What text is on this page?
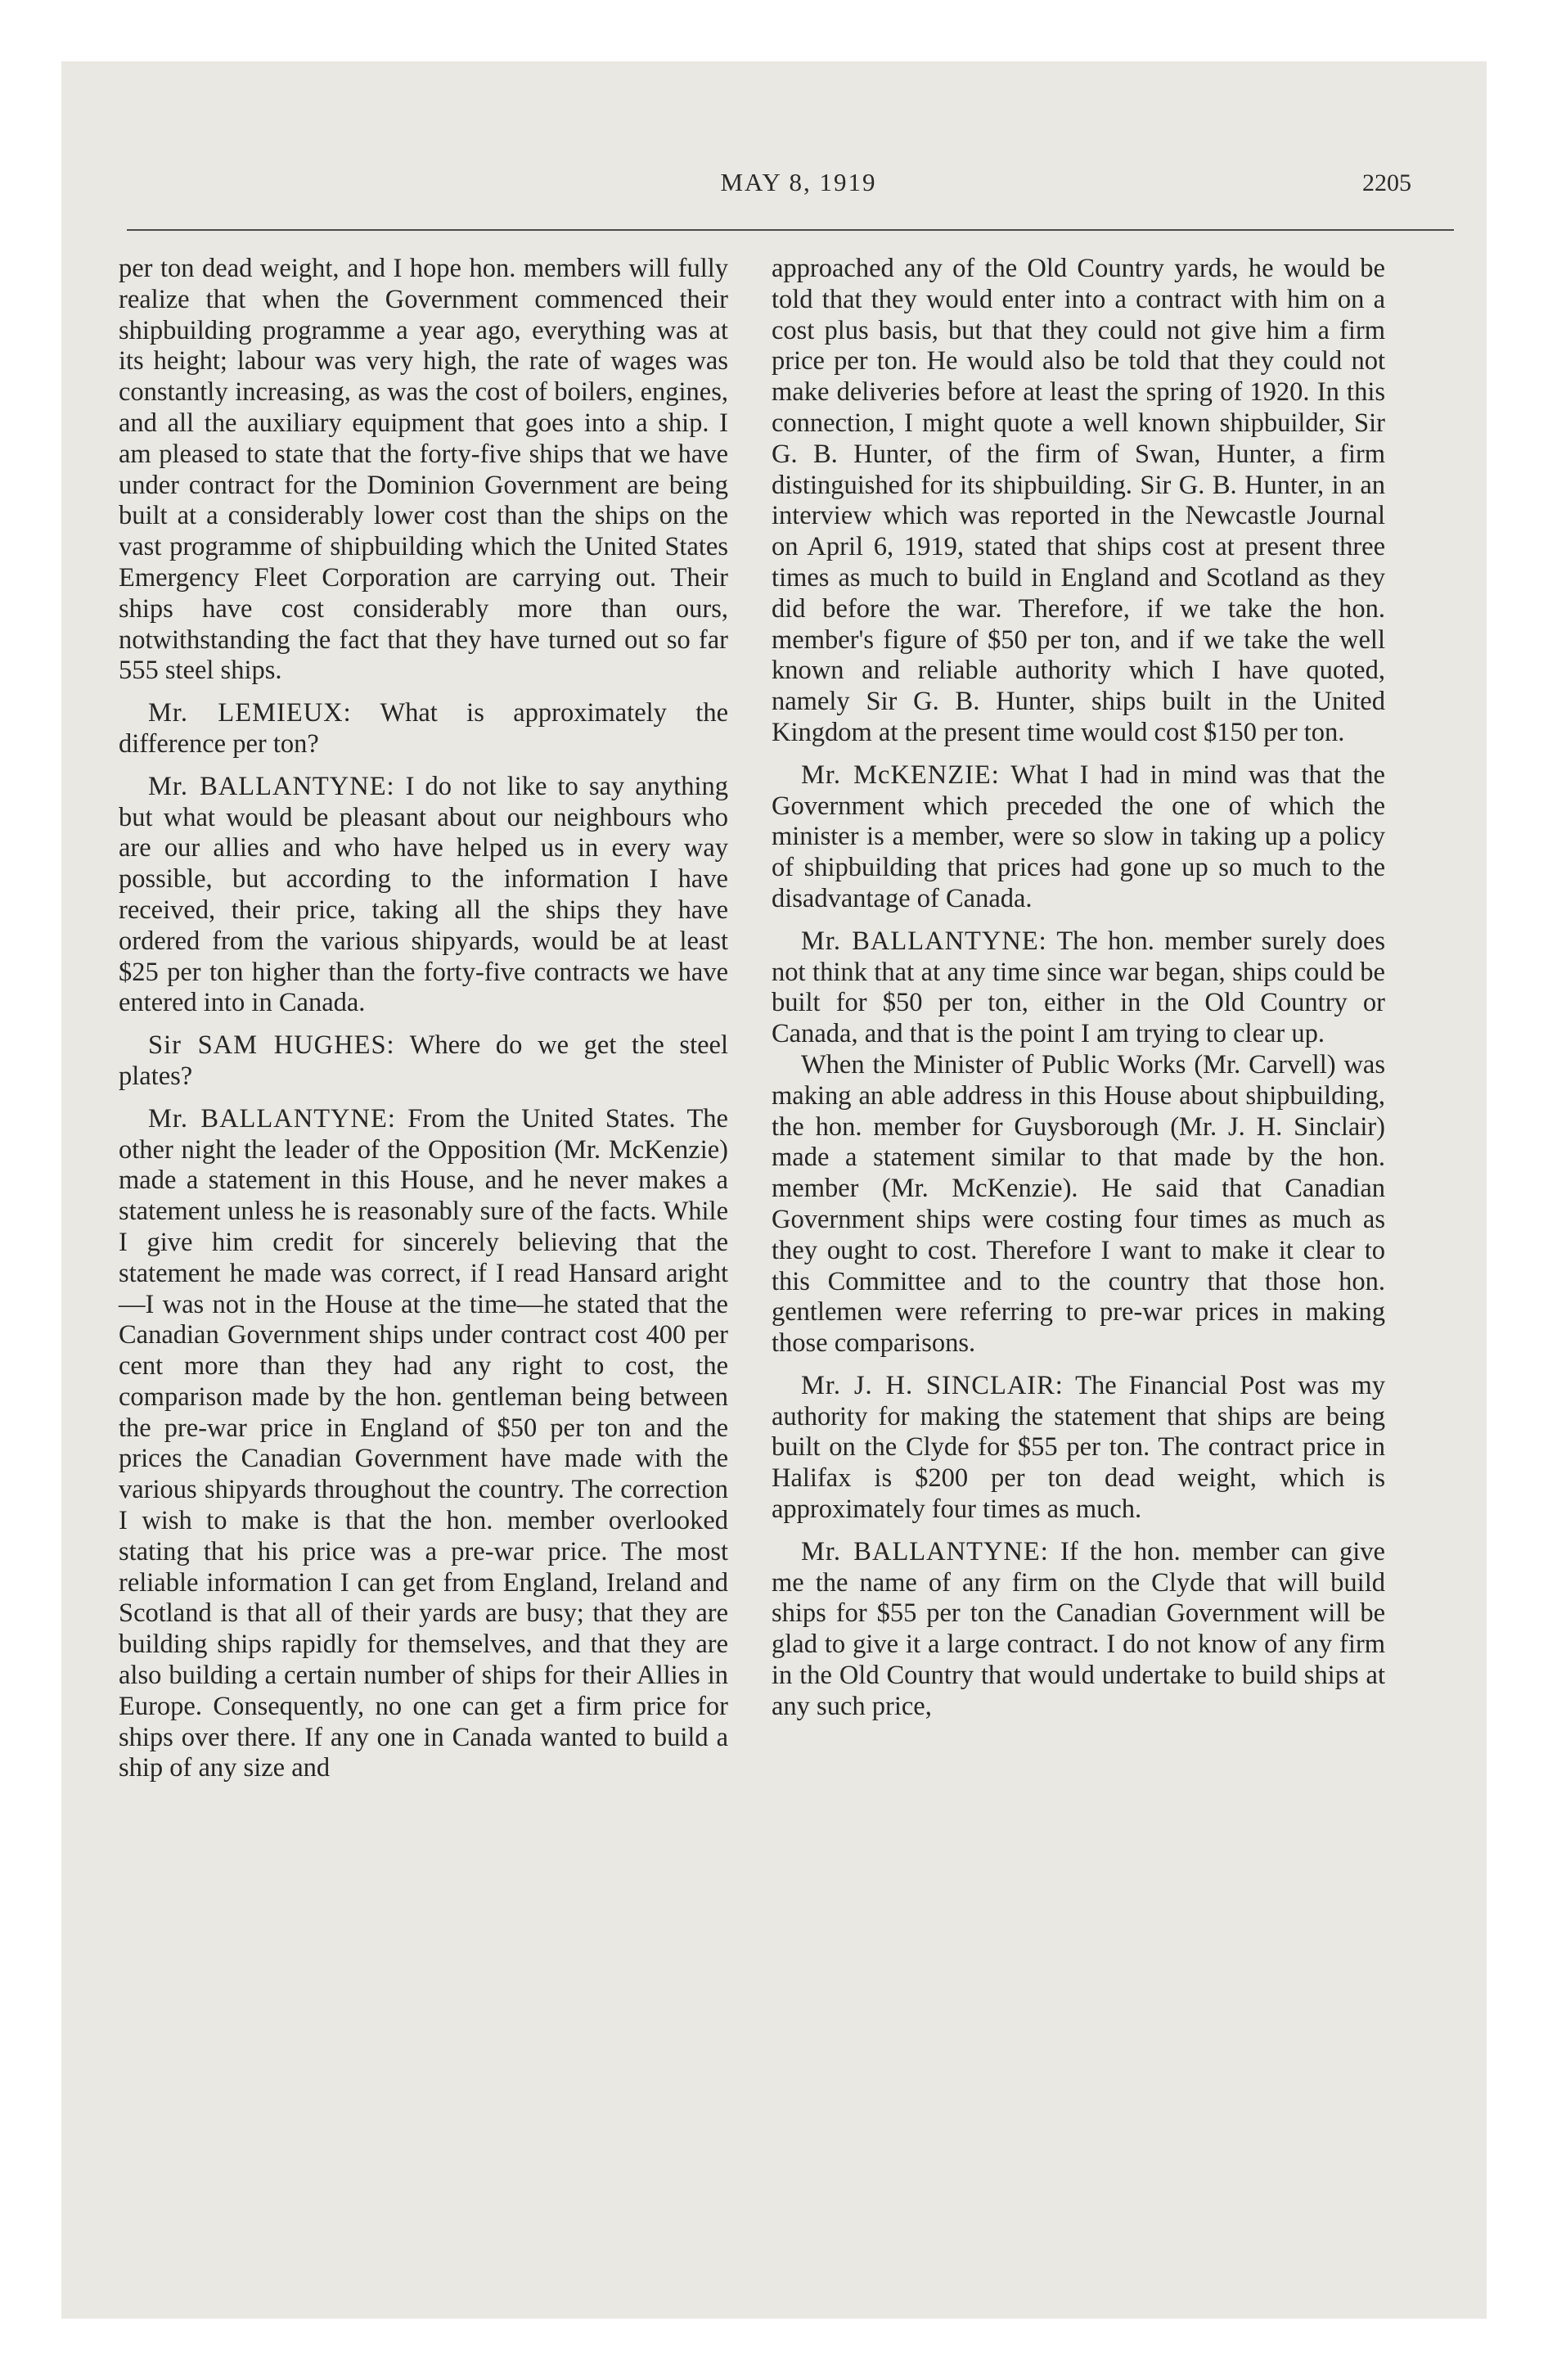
MAY 8, 1919	2205

per ton dead weight, and I hope hon. members will fully realize that when the Government commenced their shipbuilding programme a year ago, everything was at its height; labour was very high, the rate of wages was constantly increasing, as was the cost of boilers, engines, and all the auxiliary equipment that goes into a ship. I am pleased to state that the forty-five ships that we have under contract for the Dominion Government are being built at a considerably lower cost than the ships on the vast programme of shipbuilding which the United States Emergency Fleet Corporation are carrying out. Their ships have cost considerably more than ours, notwithstanding the fact that they have turned out so far 555 steel ships.

Mr. LEMIEUX: What is approximately the difference per ton?

Mr. BALLANTYNE: I do not like to say anything but what would be pleasant about our neighbours who are our allies and who have helped us in every way possible, but according to the information I have received, their price, taking all the ships they have ordered from the various shipyards, would be at least $25 per ton higher than the forty-five contracts we have entered into in Canada.

Sir SAM HUGHES: Where do we get the steel plates?

Mr. BALLANTYNE: From the United States. The other night the leader of the Opposition (Mr. McKenzie) made a statement in this House, and he never makes a statement unless he is reasonably sure of the facts. While I give him credit for sincerely believing that the statement he made was correct, if I read Hansard aright —I was not in the House at the time—he stated that the Canadian Government ships under contract cost 400 per cent more than they had any right to cost, the comparison made by the hon. gentleman being between the pre-war price in England of $50 per ton and the prices the Canadian Government have made with the various shipyards throughout the country. The correction I wish to make is that the hon. member overlooked stating that his price was a pre-war price. The most reliable information I can get from England, Ireland and Scotland is that all of their yards are busy; that they are building ships rapidly for themselves, and that they are also building a certain number of ships for their Allies in Europe. Consequently, no one can get a firm price for ships over there. If any one in Canada wanted to build a ship of any size and

approached any of the Old Country yards, he would be told that they would enter into a contract with him on a cost plus basis, but that they could not give him a firm price per ton. He would also be told that they could not make deliveries before at least the spring of 1920. In this connection, I might quote a well known shipbuilder, Sir G. B. Hunter, of the firm of Swan, Hunter, a firm distinguished for its shipbuilding. Sir G. B. Hunter, in an interview which was reported in the Newcastle Journal on April 6, 1919, stated that ships cost at present three times as much to build in England and Scotland as they did before the war. Therefore, if we take the hon. member's figure of $50 per ton, and if we take the well known and reliable authority which I have quoted, namely Sir G. B. Hunter, ships built in the United Kingdom at the present time would cost $150 per ton.

Mr. McKENZIE: What I had in mind was that the Government which preceded the one of which the minister is a member, were so slow in taking up a policy of shipbuilding that prices had gone up so much to the disadvantage of Canada.

Mr. BALLANTYNE: The hon. member surely does not think that at any time since war began, ships could be built for $50 per ton, either in the Old Country or Canada, and that is the point I am trying to clear up.

When the Minister of Public Works (Mr. Carvell) was making an able address in this House about shipbuilding, the hon. member for Guysborough (Mr. J. H. Sinclair) made a statement similar to that made by the hon. member (Mr. McKenzie). He said that Canadian Government ships were costing four times as much as they ought to cost. Therefore I want to make it clear to this Committee and to the country that those hon. gentlemen were referring to pre-war prices in making those comparisons.

Mr. J. H. SINCLAIR: The Financial Post was my authority for making the statement that ships are being built on the Clyde for $55 per ton. The contract price in Halifax is $200 per ton dead weight, which is approximately four times as much.

Mr. BALLANTYNE: If the hon. member can give me the name of any firm on the Clyde that will build ships for $55 per ton the Canadian Government will be glad to give it a large contract. I do not know of any firm in the Old Country that would undertake to build ships at any such price,
